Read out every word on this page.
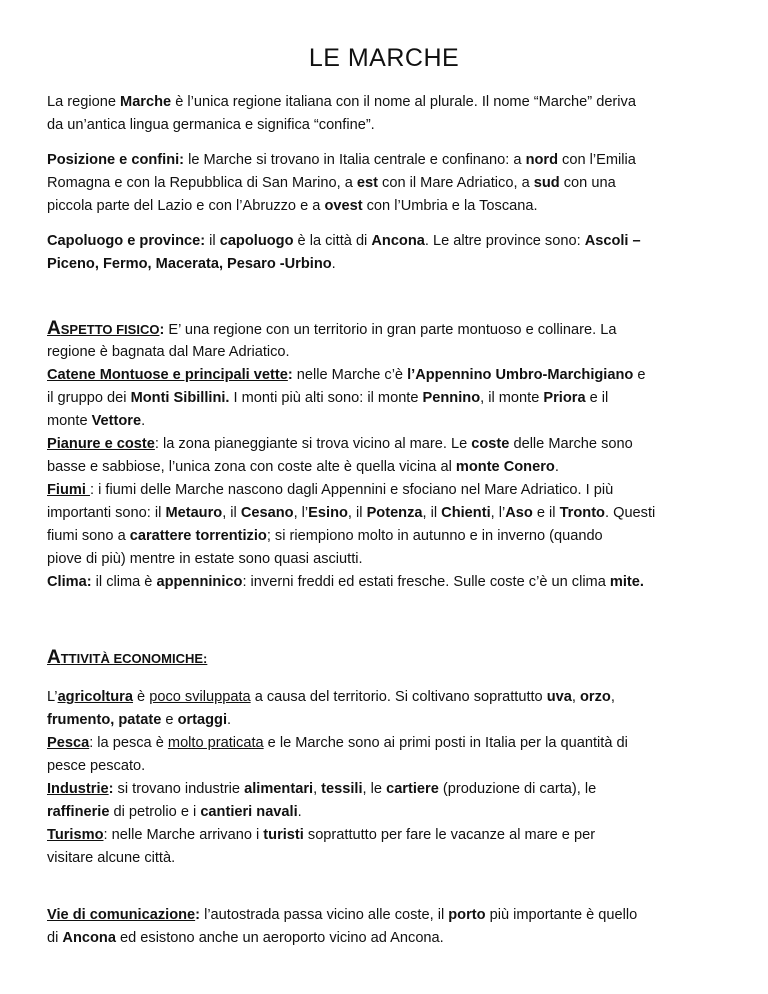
LE MARCHE
La regione Marche è l’unica regione italiana con il nome al plurale. Il nome “Marche” deriva
da un’antica lingua germanica e significa “confine”.
Posizione e confini: le Marche si trovano in Italia centrale e confinano: a nord con l’Emilia
Romagna e con la Repubblica di San Marino, a est con il Mare Adriatico, a sud con una
piccola parte del Lazio e con l’Abruzzo e a ovest con l’Umbria e la Toscana.
Capoluogo e province: il capoluogo è la città di Ancona. Le altre province sono: Ascoli –
Piceno, Fermo, Macerata, Pesaro -Urbino.
ASPETTO FISICO: E’ una regione con un territorio in gran parte montuoso e collinare. La
regione è bagnata dal Mare Adriatico.
Catene Montuose e principali vette: nelle Marche c’è l’Appennino Umbro-Marchigiano e
il gruppo dei Monti Sibillini. I monti più alti sono: il monte Pennino, il monte Priora e il
monte Vettore.
Pianure e coste: la zona pianeggiante si trova vicino al mare. Le coste delle Marche sono
basse e sabbiose, l’unica zona con coste alte è quella vicina al monte Conero.
Fiumi : i fiumi delle Marche nascono dagli Appennini e sfociano nel Mare Adriatico. I più
importanti sono: il Metauro, il Cesano, l’Esino, il Potenza, il Chienti, l’Aso e il Tronto. Questi
fiumi sono a carattere torrentizio; si riempiono molto in autunno e in inverno (quando
piove di più) mentre in estate sono quasi asciutti.
Clima: il clima è appenninico: inverni freddi ed estati fresche. Sulle coste c’è un clima mite.
ATTIVITÀ ECONOMICHE:
L’agricoltura è poco sviluppata a causa del territorio. Si coltivano soprattutto uva, orzo,
frumento, patate e ortaggi.
Pesca: la pesca è molto praticata e le Marche sono ai primi posti in Italia per la quantità di
pesce pescato.
Industrie: si trovano industrie alimentari, tessili, le cartiere (produzione di carta), le
raffinerie di petrolio e i cantieri navali.
Turismo: nelle Marche arrivano i turisti soprattutto per fare le vacanze al mare e per
visitare alcune città.
Vie di comunicazione: l’autostrada passa vicino alle coste, il porto più importante è quello
di Ancona ed esistono anche un aeroporto vicino ad Ancona.
